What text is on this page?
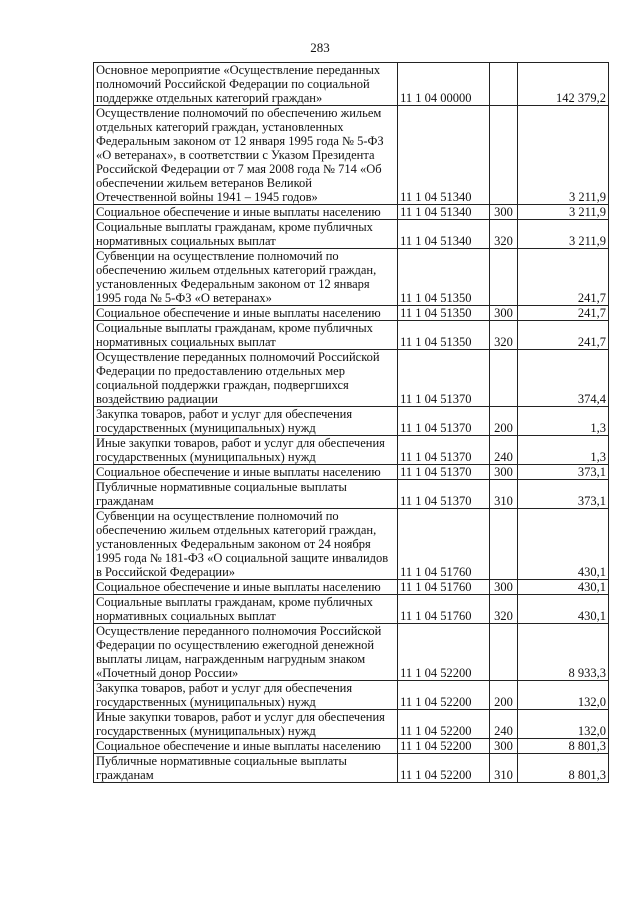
283
Основное мероприятие «Осуществление переданных полномочий Российской Федерации по социальной поддержке отдельных категорий граждан»	11 1 04 00000		142 379,2
Осуществление полномочий по обеспечению жильем отдельных категорий граждан, установленных Федеральным законом от 12 января 1995 года № 5-ФЗ «О ветеранах», в соответствии с Указом Президента Российской Федерации от 7 мая 2008 года № 714 «Об обеспечении жильем ветеранов Великой Отечественной войны 1941 – 1945 годов»	11 1 04 51340		3 211,9
Социальное обеспечение и иные выплаты населению	11 1 04 51340	300	3 211,9
Социальные выплаты гражданам, кроме публичных нормативных социальных выплат	11 1 04 51340	320	3 211,9
Субвенции на осуществление полномочий по обеспечению жильем отдельных категорий граждан, установленных Федеральным законом от 12 января 1995 года № 5-ФЗ «О ветеранах»	11 1 04 51350		241,7
Социальное обеспечение и иные выплаты населению	11 1 04 51350	300	241,7
Социальные выплаты гражданам, кроме публичных нормативных социальных выплат	11 1 04 51350	320	241,7
Осуществление переданных полномочий Российской Федерации по предоставлению отдельных мер социальной поддержки граждан, подвергшихся воздействию радиации	11 1 04 51370		374,4
Закупка товаров, работ и услуг для обеспечения государственных (муниципальных) нужд	11 1 04 51370	200	1,3
Иные закупки товаров, работ и услуг для обеспечения государственных (муниципальных) нужд	11 1 04 51370	240	1,3
Социальное обеспечение и иные выплаты населению	11 1 04 51370	300	373,1
Публичные нормативные социальные выплаты гражданам	11 1 04 51370	310	373,1
Субвенции на осуществление полномочий по обеспечению жильем отдельных категорий граждан, установленных Федеральным законом от 24 ноября 1995 года № 181-ФЗ «О социальной защите инвалидов в Российской Федерации»	11 1 04 51760		430,1
Социальное обеспечение и иные выплаты населению	11 1 04 51760	300	430,1
Социальные выплаты гражданам, кроме публичных нормативных социальных выплат	11 1 04 51760	320	430,1
Осуществление переданного полномочия Российской Федерации по осуществлению ежегодной денежной выплаты лицам, награжденным нагрудным знаком «Почетный донор России»	11 1 04 52200		8 933,3
Закупка товаров, работ и услуг для обеспечения государственных (муниципальных) нужд	11 1 04 52200	200	132,0
Иные закупки товаров, работ и услуг для обеспечения государственных (муниципальных) нужд	11 1 04 52200	240	132,0
Социальное обеспечение и иные выплаты населению	11 1 04 52200	300	8 801,3
Публичные нормативные социальные выплаты гражданам	11 1 04 52200	310	8 801,3
